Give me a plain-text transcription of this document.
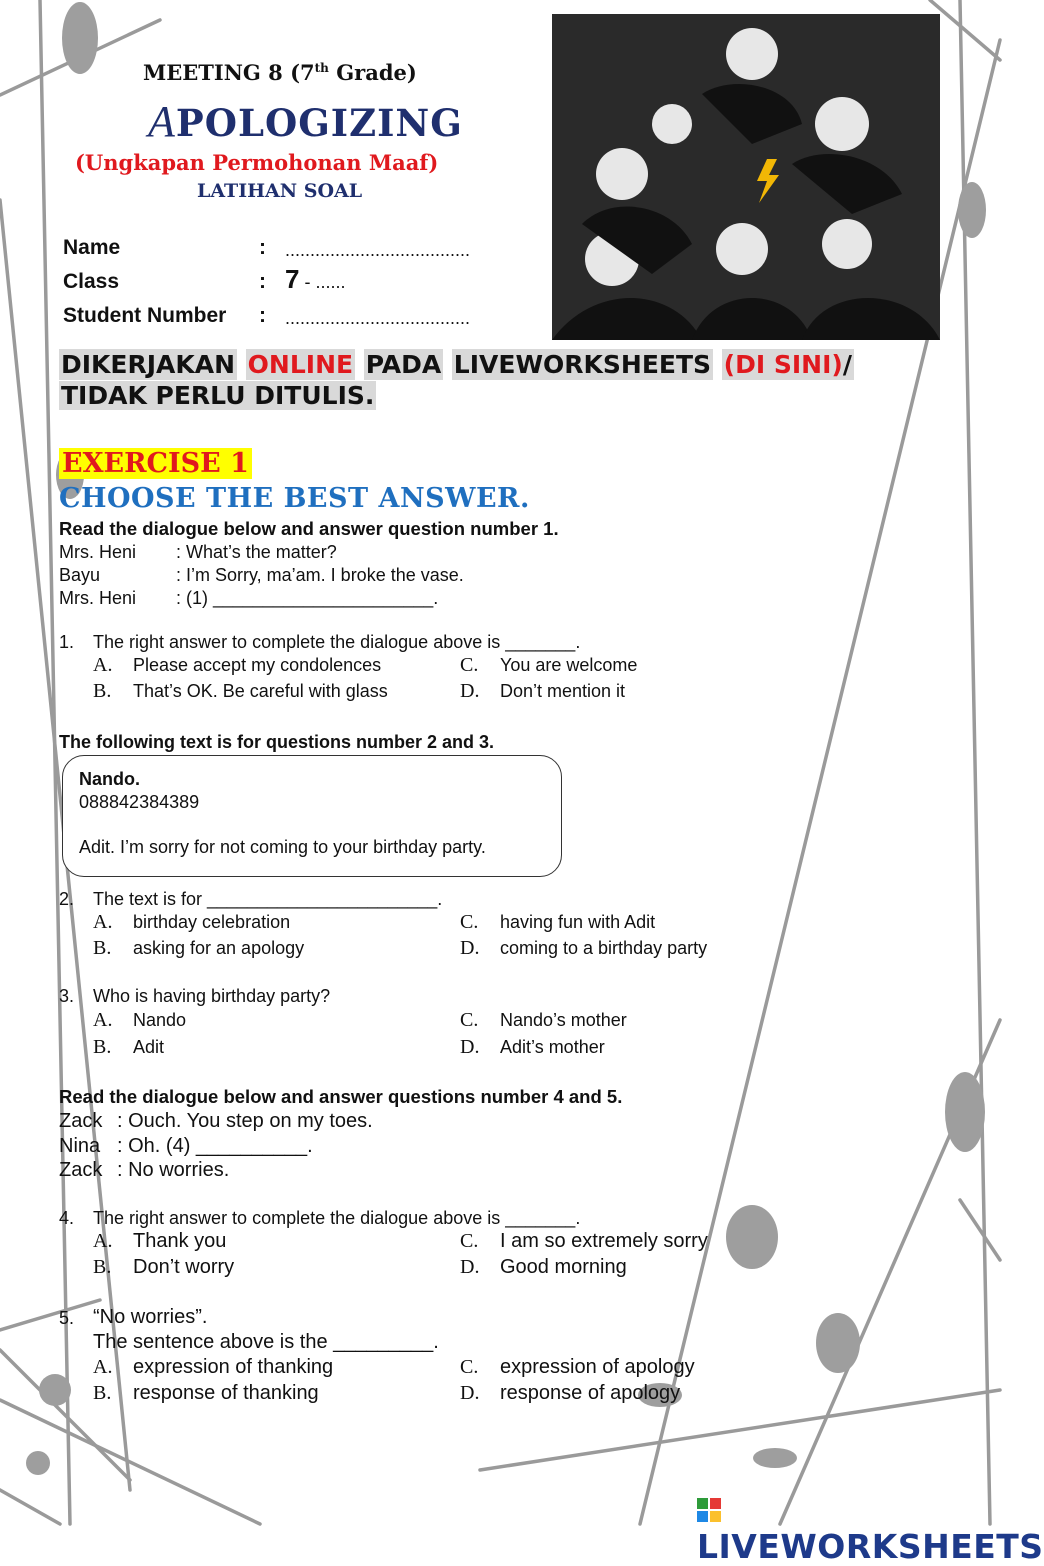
MEETING 8 (7th Grade)
APOLOGIZING
(Ungkapan Permohonan Maaf)
LATIHAN SOAL
Name	: .....................................
Class	: 7 - ......
Student Number : .....................................
DIKERJAKAN ONLINE PADA LIVEWORKSHEETS (DI SINI)/
TIDAK PERLU DITULIS.
EXERCISE 1
CHOOSE THE BEST ANSWER.
Read the dialogue below and answer question number 1.
Mrs. Heni : What’s the matter?
Bayu	: I’m Sorry, ma’am. I broke the vase.
Mrs. Heni : (1) ______________________.
1. The right answer to complete the dialogue above is _______.
A. Please accept my condolences
B. That’s OK. Be careful with glass
C. You are welcome
D. Don’t mention it
The following text is for questions number 2 and 3.
Nando.
088842384389
Adit. I’m sorry for not coming to your birthday party.
2. The text is for _______________________.
A. birthday celebration
B. asking for an apology
C. having fun with Adit
D. coming to a birthday party
3. Who is having birthday party?
A. Nando
B. Adit
C. Nando’s mother
D. Adit’s mother
Read the dialogue below and answer questions number 4 and 5.
Zack : Ouch. You step on my toes.
Nina : Oh. (4) __________.
Zack : No worries.
4. The right answer to complete the dialogue above is _______.
A. Thank you
B. Don’t worry
C. I am so extremely sorry
D. Good morning
5. “No worries”.
The sentence above is the _________.
A. expression of thanking
B. response of thanking
C. expression of apology
D. response of apology
LIVEWORKSHEETS
